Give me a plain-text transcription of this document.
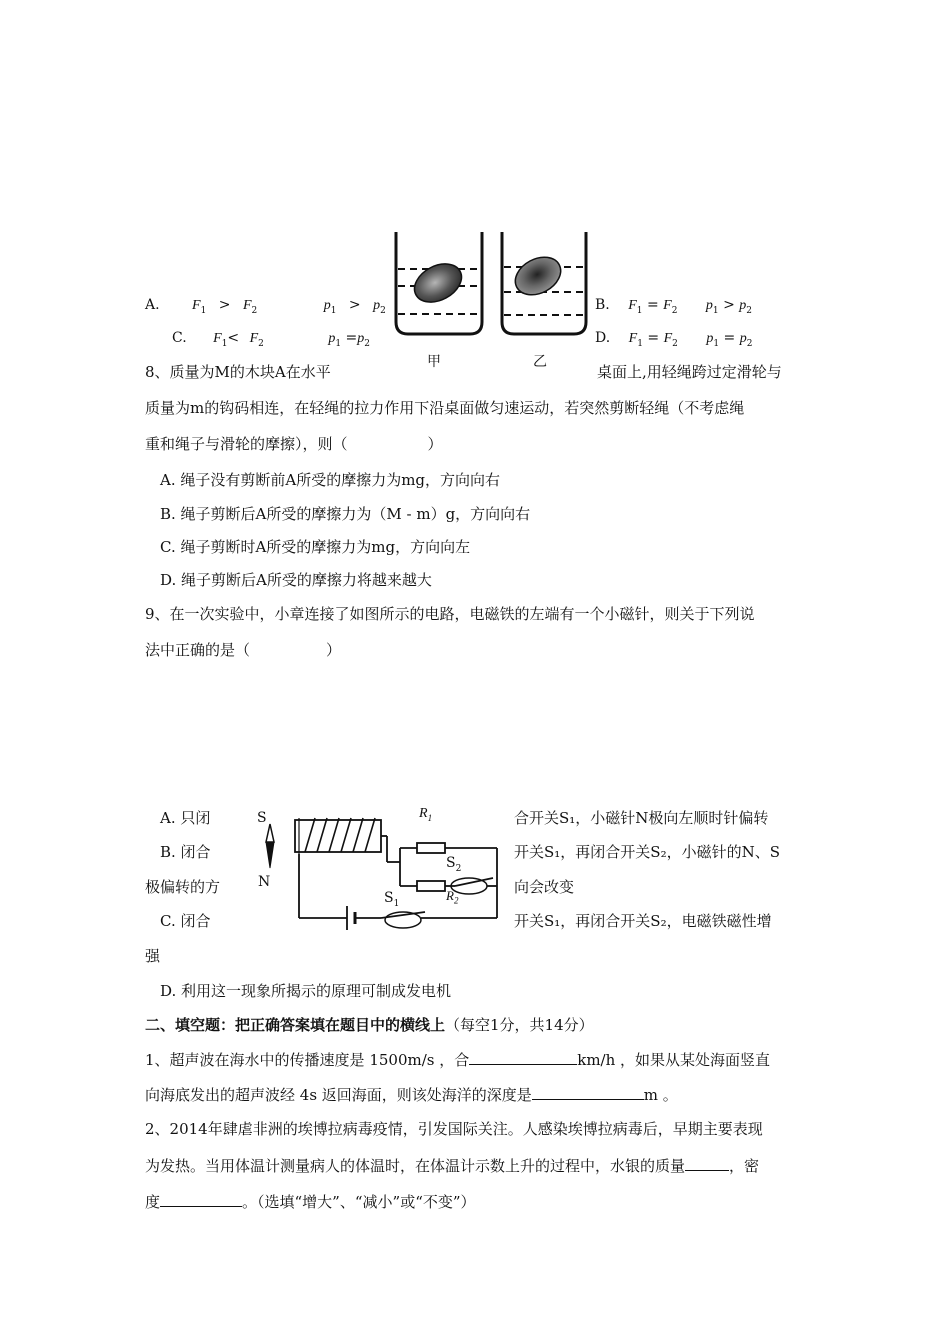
甲	乙
A. $F_1 > F_2$	$p_1 > p_2$
C. $F_1< F_2$	$p_1 =p_2$
B. $F_1 = F_2$ $p_1 > p_2$
D. $F_1 = F_2$ $p_1 = p_2$
8、质量为M的木块A在水平	桌面上,用轻绳跨过定滑轮与
质量为m的钩码相连，在轻绳的拉力作用下沿桌面做匀速运动，若突然剪断轻绳（不考虑绳
重和绳子与滑轮的摩擦），则（	）
A. 绳子没有剪断前A所受的摩擦力为mg，方向向右
B. 绳子剪断后A所受的摩擦力为（M - m）g，方向向右
C. 绳子剪断时A所受的摩擦力为mg，方向向左
D. 绳子剪断后A所受的摩擦力将越来越大
9、在一次实验中，小章连接了如图所示的电路，电磁铁的左端有一个小磁针，则关于下列说
法中正确的是（	）
S
N
$R_1$
$S_2$
$R_2$
$S_1$
A. 只闭	合开关S₁，小磁针N极向左顺时针偏转
B. 闭合	开关S₁，再闭合开关S₂，小磁针的N、S
极偏转的方	向会改变
C. 闭合	开关S₁，再闭合开关S₂，电磁铁磁性增
强
D. 利用这一现象所揭示的原理可制成发电机
二、填空题：把正确答案填在题目中的横线上（每空1分，共14分）
1、超声波在海水中的传播速度是 1500m/s ，合	km/h ，如果从某处海面竖直
向海底发出的超声波经 4s 返回海面，则该处海洋的深度是	m 。
2、2014年肆虐非洲的埃博拉病毒疫情，引发国际关注。人感染埃博拉病毒后，早期主要表现
为发热。当用体温计测量病人的体温时，在体温计示数上升的过程中，水银的质量	，密
度	。（选填“增大”、“减小”或“不变”）
